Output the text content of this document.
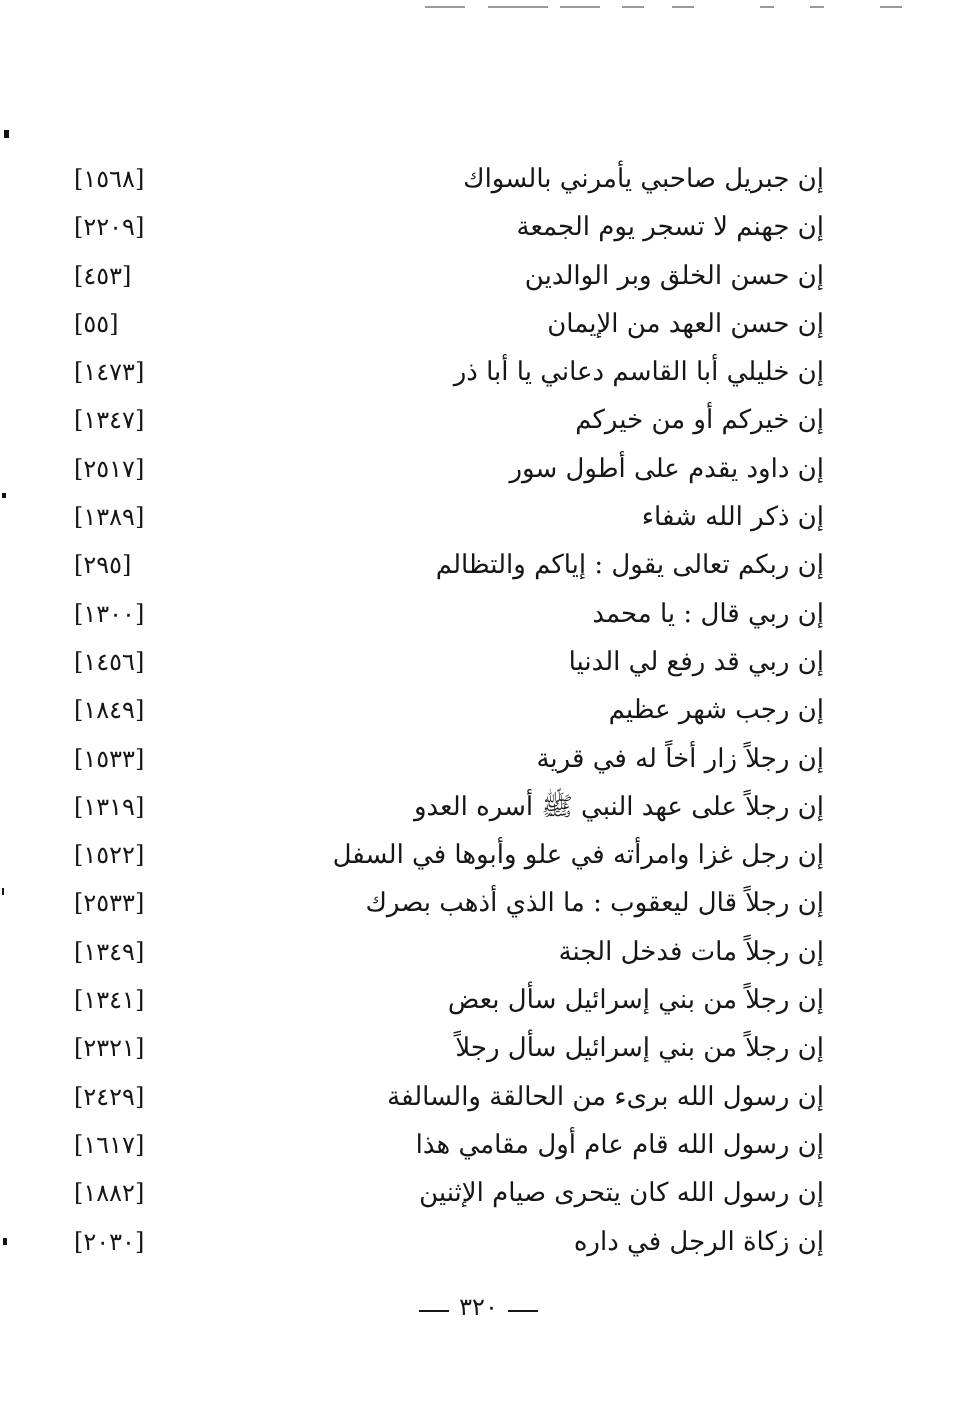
إن جبريل صاحبي يأمرني بالسواك
[١٥٦٨]
إن جهنم لا تسجر يوم الجمعة
[٢٢٠٩]
إن حسن الخلق وبر الوالدين
[٤٥٣]
إن حسن العهد من الإيمان
[٥٥]
إن خليلي أبا القاسم دعاني يا أبا ذر
[١٤٧٣]
إن خيركم أو من خيركم
[١٣٤٧]
إن داود يقدم على أطول سور
[٢٥١٧]
إن ذكر الله شفاء
[١٣٨٩]
إن ربكم تعالى يقول : إياكم والتظالم
[٢٩٥]
إن ربي قال : يا محمد
[١٣٠٠]
إن ربي قد رفع لي الدنيا
[١٤٥٦]
إن رجب شهر عظيم
[١٨٤٩]
إن رجلاً زار أخاً له في قرية
[١٥٣٣]
إن رجلاً على عهد النبي ﷺ أسره العدو
[١٣١٩]
إن رجل غزا وامرأته في علو وأبوها في السفل
[١٥٢٢]
إن رجلاً قال ليعقوب : ما الذي أذهب بصرك
[٢٥٣٣]
إن رجلاً مات فدخل الجنة
[١٣٤٩]
إن رجلاً من بني إسرائيل سأل بعض
[١٣٤١]
إن رجلاً من بني إسرائيل سأل رجلاً
[٢٣٢١]
إن رسول الله برىء من الحالقة والسالفة
[٢٤٢٩]
إن رسول الله قام عام أول مقامي هذا
[١٦١٧]
إن رسول الله كان يتحرى صيام الإثنين
[١٨٨٢]
إن زكاة الرجل في داره
[٢٠٣٠]
٣٢٠
